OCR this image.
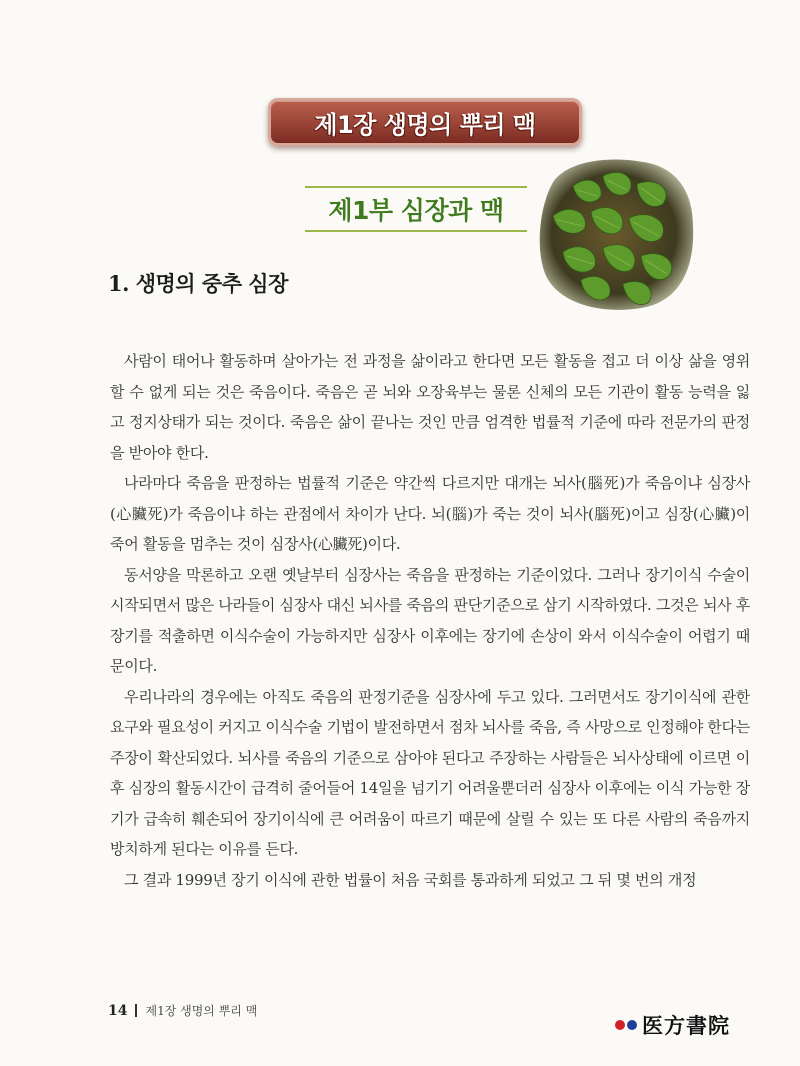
제1장 생명의 뿌리 맥
제1부 심장과 맥
1. 생명의 중추 심장

사람이 태어나 활동하며 살아가는 전 과정을 삶이라고 한다면 모든 활동을 접고 더 이상 삶을 영위할 수 없게 되는 것은 죽음이다. 죽음은 곧 뇌와 오장육부는 물론 신체의 모든 기관이 활동 능력을 잃고 정지상태가 되는 것이다. 죽음은 삶이 끝나는 것인 만큼 엄격한 법률적 기준에 따라 전문가의 판정을 받아야 한다.

나라마다 죽음을 판정하는 법률적 기준은 약간씩 다르지만 대개는 뇌사(腦死)가 죽음이냐 심장사(心臟死)가 죽음이냐 하는 관점에서 차이가 난다. 뇌(腦)가 죽는 것이 뇌사(腦死)이고 심장(心臟)이 죽어 활동을 멈추는 것이 심장사(心臟死)이다.

동서양을 막론하고 오랜 옛날부터 심장사는 죽음을 판정하는 기준이었다. 그러나 장기이식 수술이 시작되면서 많은 나라들이 심장사 대신 뇌사를 죽음의 판단기준으로 삼기 시작하였다. 그것은 뇌사 후 장기를 적출하면 이식수술이 가능하지만 심장사 이후에는 장기에 손상이 와서 이식수술이 어렵기 때문이다.

우리나라의 경우에는 아직도 죽음의 판정기준을 심장사에 두고 있다. 그러면서도 장기이식에 관한 요구와 필요성이 커지고 이식수술 기법이 발전하면서 점차 뇌사를 죽음, 즉 사망으로 인정해야 한다는 주장이 확산되었다. 뇌사를 죽음의 기준으로 삼아야 된다고 주장하는 사람들은 뇌사상태에 이르면 이후 심장의 활동시간이 급격히 줄어들어 14일을 넘기기 어려울뿐더러 심장사 이후에는 이식 가능한 장기가 급속히 훼손되어 장기이식에 큰 어려움이 따르기 때문에 살릴 수 있는 또 다른 사람의 죽음까지 방치하게 된다는 이유를 든다.

그 결과 1999년 장기 이식에 관한 법률이 처음 국회를 통과하게 되었고 그 뒤 몇 번의 개정

14 제1장 생명의 뿌리 맥
医方書院
